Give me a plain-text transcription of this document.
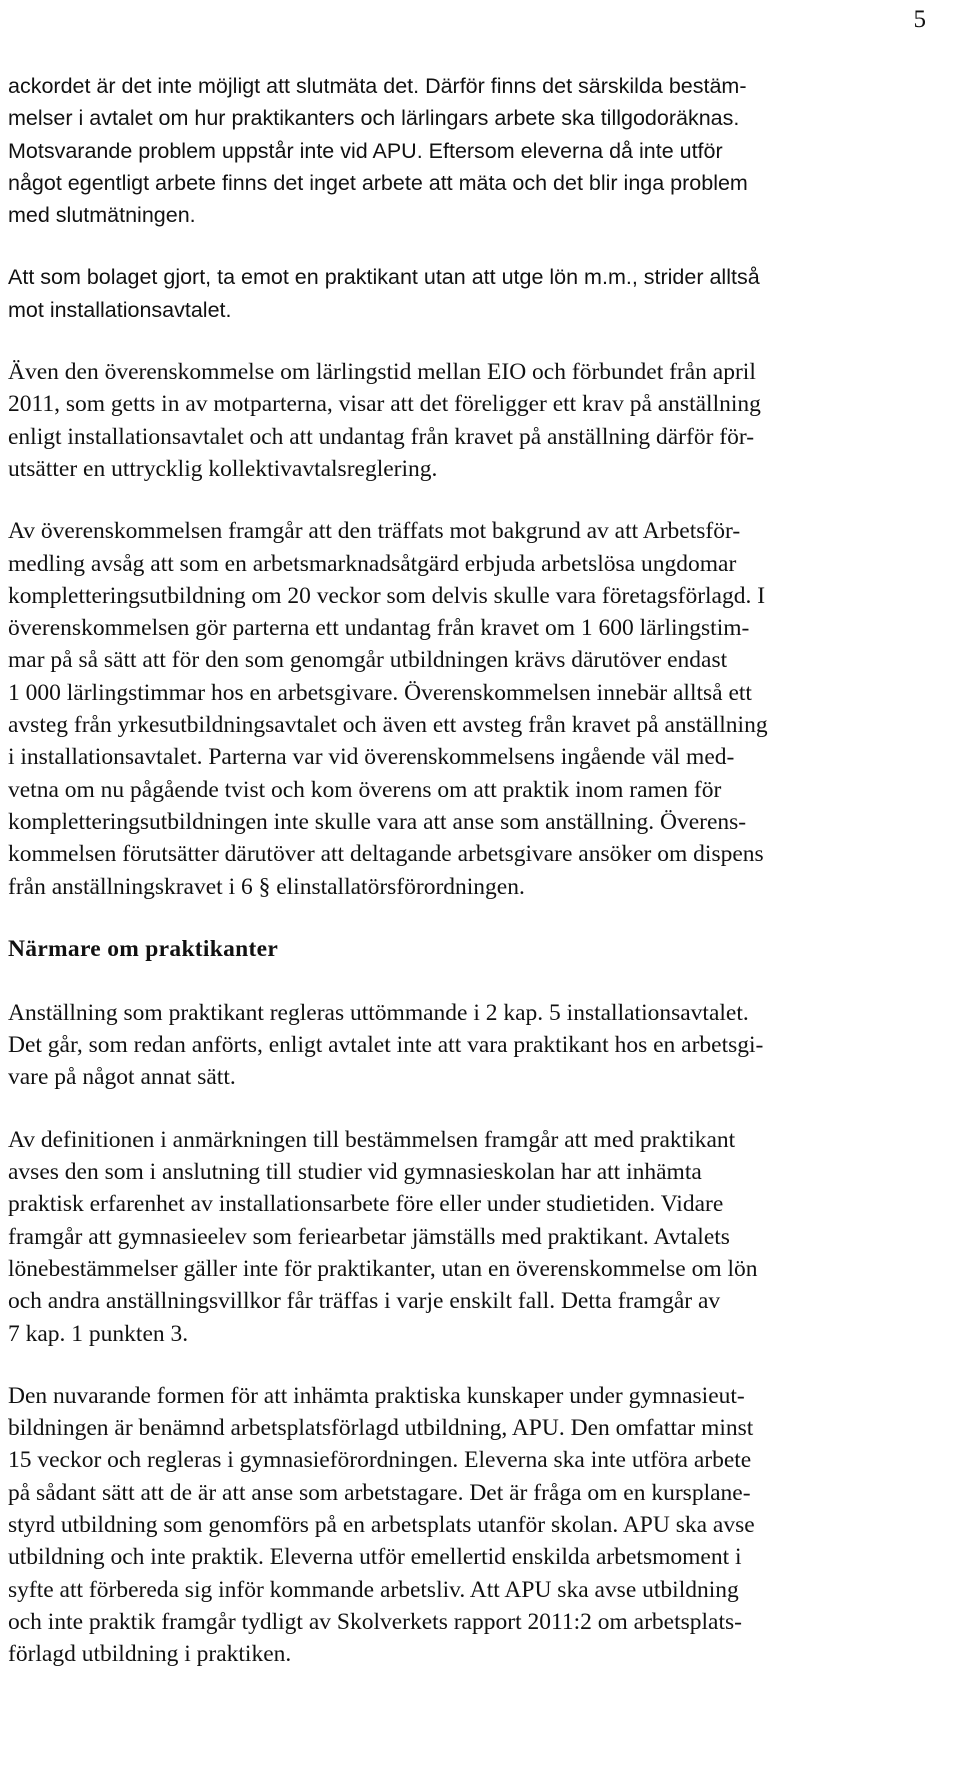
5

ackordet är det inte möjligt att slutmäta det. Därför finns det särskilda bestäm-
melser i avtalet om hur praktikanters och lärlingars arbete ska tillgodoräknas.
Motsvarande problem uppstår inte vid APU. Eftersom eleverna då inte utför
något egentligt arbete finns det inget arbete att mäta och det blir inga problem
med slutmätningen.

Att som bolaget gjort, ta emot en praktikant utan att utge lön m.m., strider alltså
mot installationsavtalet.

Även den överenskommelse om lärlingstid mellan EIO och förbundet från april
2011, som getts in av motparterna, visar att det föreligger ett krav på anställning
enligt installationsavtalet och att undantag från kravet på anställning därför för-
utsätter en uttrycklig kollektivavtalsreglering.

Av överenskommelsen framgår att den träffats mot bakgrund av att Arbetsför-
medling avsåg att som en arbetsmarknadsåtgärd erbjuda arbetslösa ungdomar
kompletteringsutbildning om 20 veckor som delvis skulle vara företagsförlagd. I
överenskommelsen gör parterna ett undantag från kravet om 1 600 lärlingstim-
mar på så sätt att för den som genomgår utbildningen krävs därutöver endast
1 000 lärlingstimmar hos en arbetsgivare. Överenskommelsen innebär alltså ett
avsteg från yrkesutbildningsavtalet och även ett avsteg från kravet på anställning
i installationsavtalet. Parterna var vid överenskommelsens ingående väl med-
vetna om nu pågående tvist och kom överens om att praktik inom ramen för
kompletteringsutbildningen inte skulle vara att anse som anställning. Överens-
kommelsen förutsätter därutöver att deltagande arbetsgivare ansöker om dispens
från anställningskravet i 6 § elinstallatörsförordningen.

Närmare om praktikanter

Anställning som praktikant regleras uttömmande i 2 kap. 5 installationsavtalet.
Det går, som redan anförts, enligt avtalet inte att vara praktikant hos en arbetsgi-
vare på något annat sätt.

Av definitionen i anmärkningen till bestämmelsen framgår att med praktikant
avses den som i anslutning till studier vid gymnasieskolan har att inhämta
praktisk erfarenhet av installationsarbete före eller under studietiden. Vidare
framgår att gymnasieelev som feriearbetar jämställs med praktikant. Avtalets
lönebestämmelser gäller inte för praktikanter, utan en överenskommelse om lön
och andra anställningsvillkor får träffas i varje enskilt fall. Detta framgår av
7 kap. 1 punkten 3.

Den nuvarande formen för att inhämta praktiska kunskaper under gymnasieut-
bildningen är benämnd arbetsplatsförlagd utbildning, APU. Den omfattar minst
15 veckor och regleras i gymnasieförordningen. Eleverna ska inte utföra arbete
på sådant sätt att de är att anse som arbetstagare. Det är fråga om en kursplane-
styrd utbildning som genomförs på en arbetsplats utanför skolan. APU ska avse
utbildning och inte praktik. Eleverna utför emellertid enskilda arbetsmoment i
syfte att förbereda sig inför kommande arbetsliv. Att APU ska avse utbildning
och inte praktik framgår tydligt av Skolverkets rapport 2011:2 om arbetsplats-
förlagd utbildning i praktiken.
